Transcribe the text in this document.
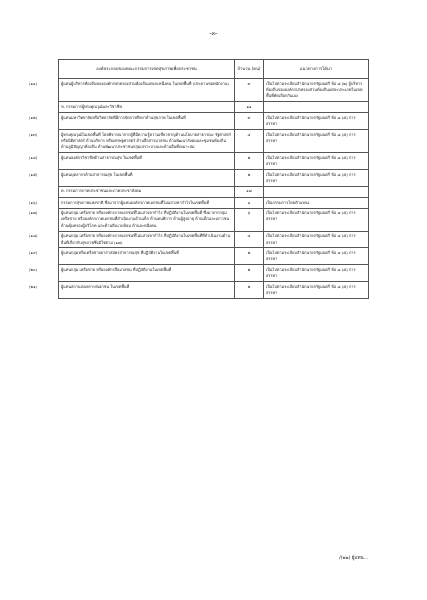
-๓-
องค์ประกอบของคณะกรรมการเขตสุขภาพเพื่อประชาชน	จำนวน (คน)	แนวทางการได้มา
(๑๑) ผู้แทนผู้บริหารท้องถิ่นขององค์กรปกครองส่วนท้องถิ่นแห่งละหนึ่งคน ในเขตพื้นที่ (ประธานขอพนักงาน)	๓	เป็นไปตามระเบียบสำนักนายกรัฐมนตรี ข้อ ๘ (๒) ผู้บริหารท้องถิ่นขององค์กรปกครองส่วนท้องถิ่นแต่ละประเภทในเขตพื้นที่คัดเลือกกันเอง
ข. กรรมการผู้ทรงคุณวุฒิและวิชาชีพ	๑๑	
(๑๒) ผู้แทนมหาวิทยาลัยหรือวิทยาลัยที่มีการจัดการศึกษาด้านสุขภาพ ในเขตพื้นที่	๓	เป็นไปตามระเบียบสำนักนายกรัฐมนตรี ข้อ ๘ (๕) การสรรหา
(๑๓) ผู้ทรงคุณวุฒิในเขตพื้นที่ โดยพิจารณาจากผู้ที่มีความรู้ความเชี่ยวชาญด้านนโยบายสาธารณะ รัฐศาสตร์ หรือนิติศาสตร์ ด้านบริหาร หรือเศรษฐศาสตร์ ด้านสื่อสารมวลชน ด้านพัฒนาสังคมและชุมชนท้องถิ่น ด้านภูมิปัญญาท้องถิ่น ด้านพัฒนาประชาชนกลุ่มเปราะบางและด้านอื่นที่เหมาะสม	๔	เป็นไปตามระเบียบสำนักนายกรัฐมนตรี ข้อ ๘ (๕) การสรรหา
(๑๔) ผู้แทนองค์กรวิชาชีพด้านสาธารณสุข ในเขตพื้นที่	๒	เป็นไปตามระเบียบสำนักนายกรัฐมนตรี ข้อ ๘ (๕) การสรรหา
(๑๕) ผู้แทนบุคลากรด้านสาธารณสุข ในเขตพื้นที่	๒	เป็นไปตามระเบียบสำนักนายกรัฐมนตรี ข้อ ๘ (๕) การสรรหา
ค. กรรมการภาคประชาชนและภาคประชาสังคม	๑๗	
(๑๖) กรรมการสุขภาพแห่งชาติ ซึ่งมาจากผู้แทนองค์กรภาคเอกชนที่ไม่แสวงหากำไรในเขตพื้นที่	๑	เป็นกรรมการโดยตำแหน่ง
(๑๗) ผู้แทนกลุ่ม เครือข่าย หรือองค์กรภาคเอกชนที่ไม่แสวงหากำไร ที่ปฏิบัติงานในเขตพื้นที่ ซึ่งมาจากกลุ่ม เครือข่าย หรือองค์กรภาคเอกชนที่ดำเนินงานด้านเด็ก ด้านคนพิการ ด้านผู้สูงอายุ ด้านเด็กและเยาวชน ด้านคุ้มครองผู้บริโภค และด้านสิ่งแวดล้อม ด้านละหนึ่งคน	๖	เป็นไปตามระเบียบสำนักนายกรัฐมนตรี ข้อ ๘ (๕) การสรรหา
(๑๘) ผู้แทนกลุ่ม เครือข่าย หรือองค์กรภาคเอกชนที่ไม่แสวงหากำไร ที่ปฏิบัติงานในเขตพื้นที่ที่ดำเนินงานด้านอื่นที่เกี่ยวกับสุขภาพซึ่งมิใช่ตาม (๑๗)	๔	เป็นไปตามระเบียบสำนักนายกรัฐมนตรี ข้อ ๘ (๕) การสรรหา
(๑๙) ผู้แทนกลุ่มหรือเครือข่ายอาสาสมัครสาธารณสุข ที่ปฏิบัติงานในเขตพื้นที่	๒	เป็นไปตามระเบียบสำนักนายกรัฐมนตรี ข้อ ๘ (๕) การสรรหา
(๒๐) ผู้แทนกลุ่ม เครือข่าย หรือองค์กรสื่อมวลชน ที่ปฏิบัติงานในเขตพื้นที่	๒	เป็นไปตามระเบียบสำนักนายกรัฐมนตรี ข้อ ๘ (๕) การสรรหา
(๒๑) ผู้แทนสถานสงเคราะห์เอกชน ในเขตพื้นที่	๒	เป็นไปตามระเบียบสำนักนายกรัฐมนตรี ข้อ ๘ (๕) การสรรหา
/(๒๒) ผู้แทน...
